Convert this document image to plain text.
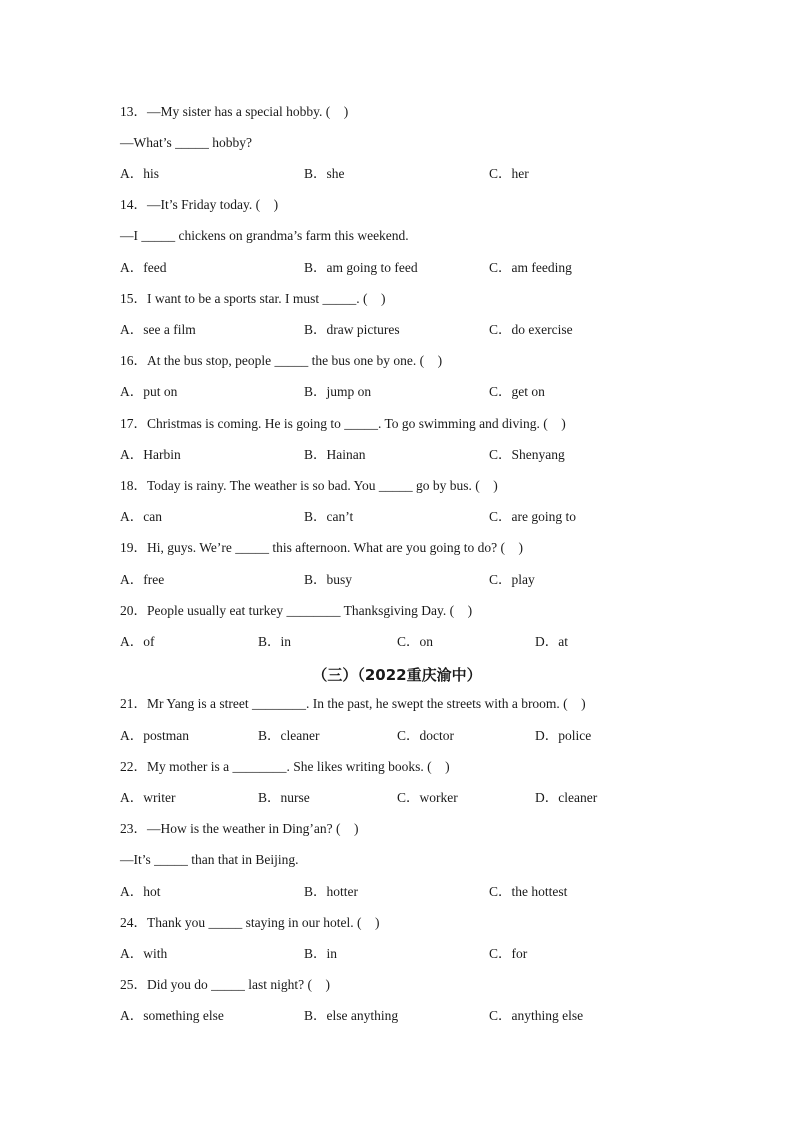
13．—My sister has a special hobby. (    )
—What’s _____ hobby?
A．his	B．she	C．her
14．—It’s Friday today. (    )
—I _____ chickens on grandma’s farm this weekend.
A．feed	B．am going to feed	C．am feeding
15．I want to be a sports star. I must _____. (    )
A．see a film	B．draw pictures	C．do exercise
16．At the bus stop, people _____ the bus one by one. (    )
A．put on	B．jump on	C．get on
17．Christmas is coming. He is going to _____. To go swimming and diving. (    )
A．Harbin	B．Hainan	C．Shenyang
18．Today is rainy. The weather is so bad. You _____ go by bus. (    )
A．can	B．can’t	C．are going to
19．Hi, guys. We’re _____ this afternoon. What are you going to do? (    )
A．free	B．busy	C．play
20．People usually eat turkey ________ Thanksgiving Day. (    )
A．of	B．in	C．on	D．at
（三）（2022重庆渝中）
21．Mr Yang is a street ________. In the past, he swept the streets with a broom. (    )
A．postman	B．cleaner	C．doctor	D．police
22．My mother is a ________. She likes writing books. (    )
A．writer	B．nurse	C．worker	D．cleaner
23．—How is the weather in Ding’an? (    )
—It’s _____ than that in Beijing.
A．hot	B．hotter	C．the hottest
24．Thank you _____ staying in our hotel. (    )
A．with	B．in	C．for
25．Did you do _____ last night? (    )
A．something else	B．else anything	C．anything else
